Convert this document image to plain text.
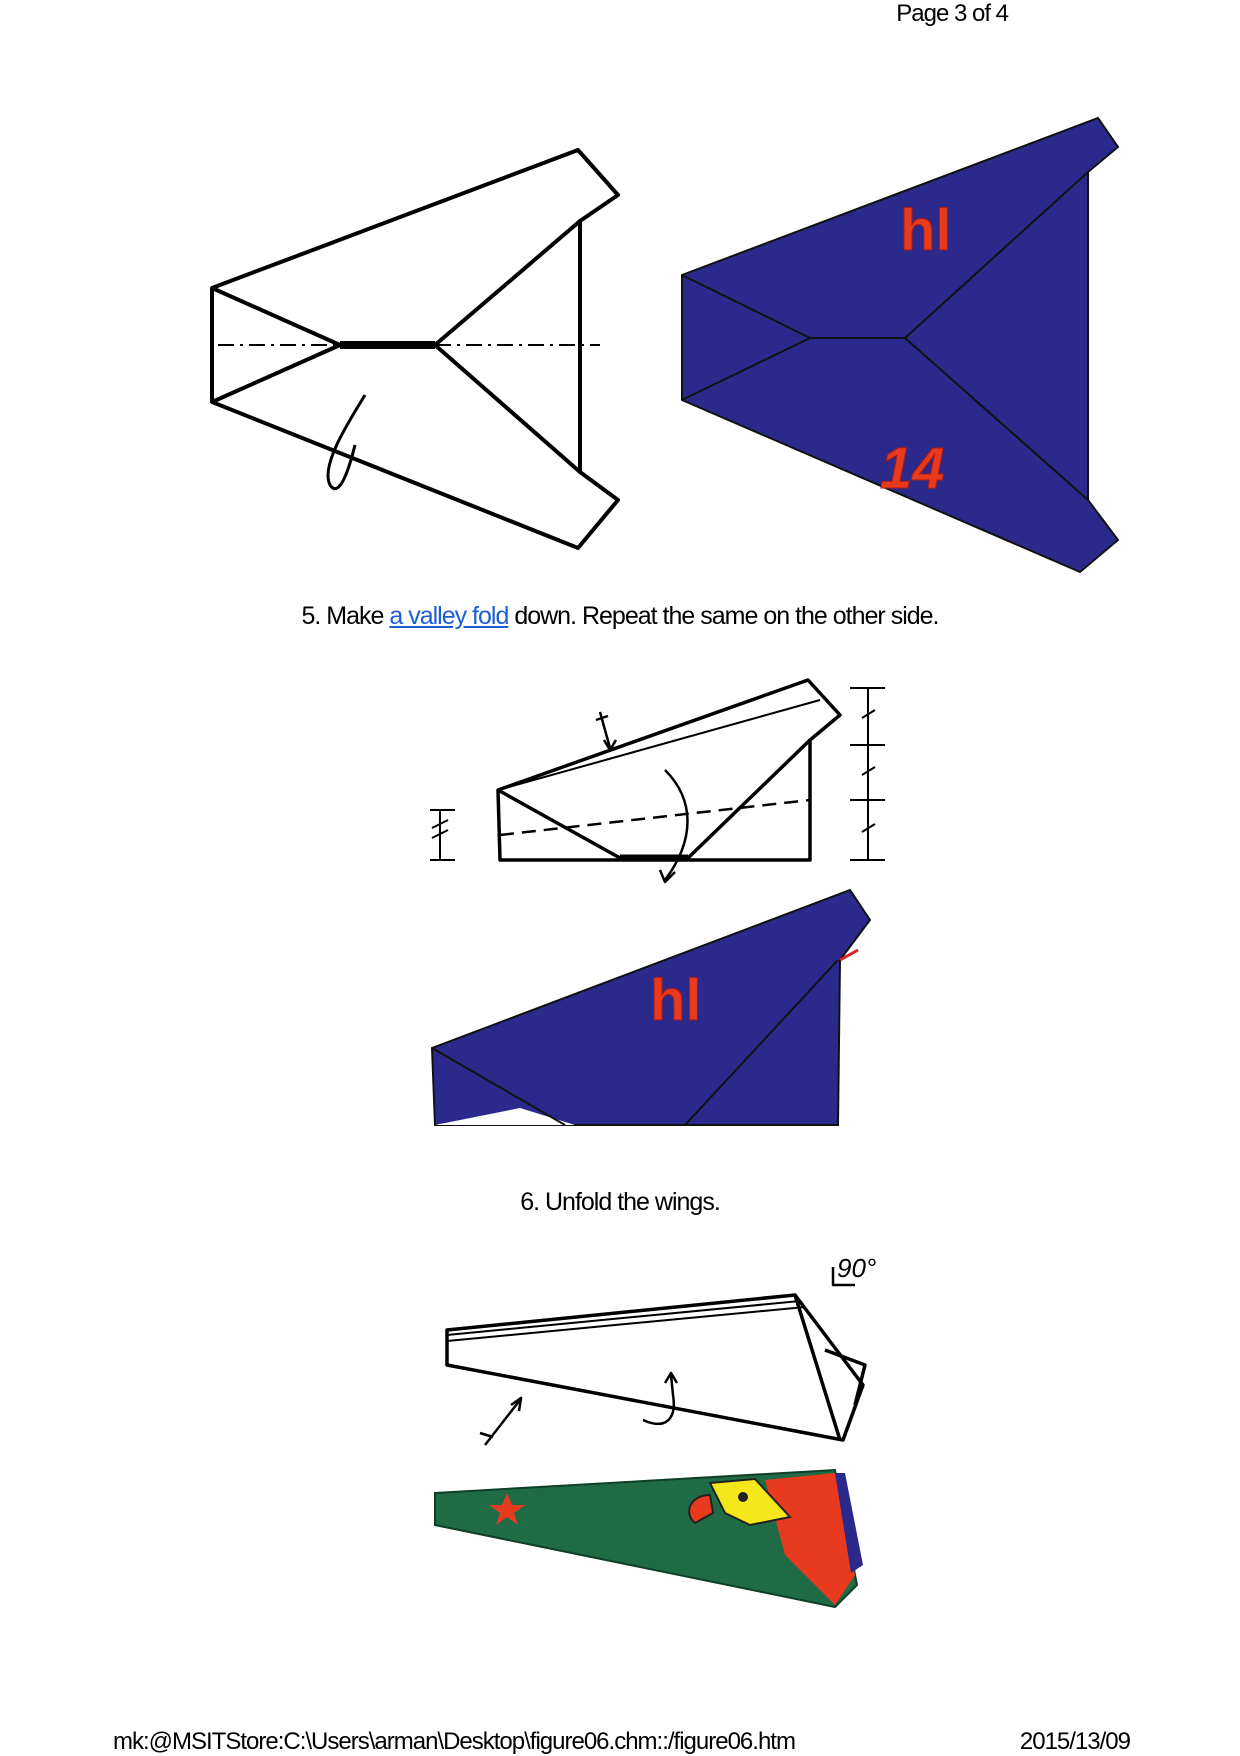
Page 3 of 4
hl
14
5. Make a valley fold down. Repeat the same on the other side.
hl
6. Unfold the wings.
90°
mk:@MSITStore:C:\Users\arman\Desktop\figure06.chm::/figure06.htm	2015/13/09
